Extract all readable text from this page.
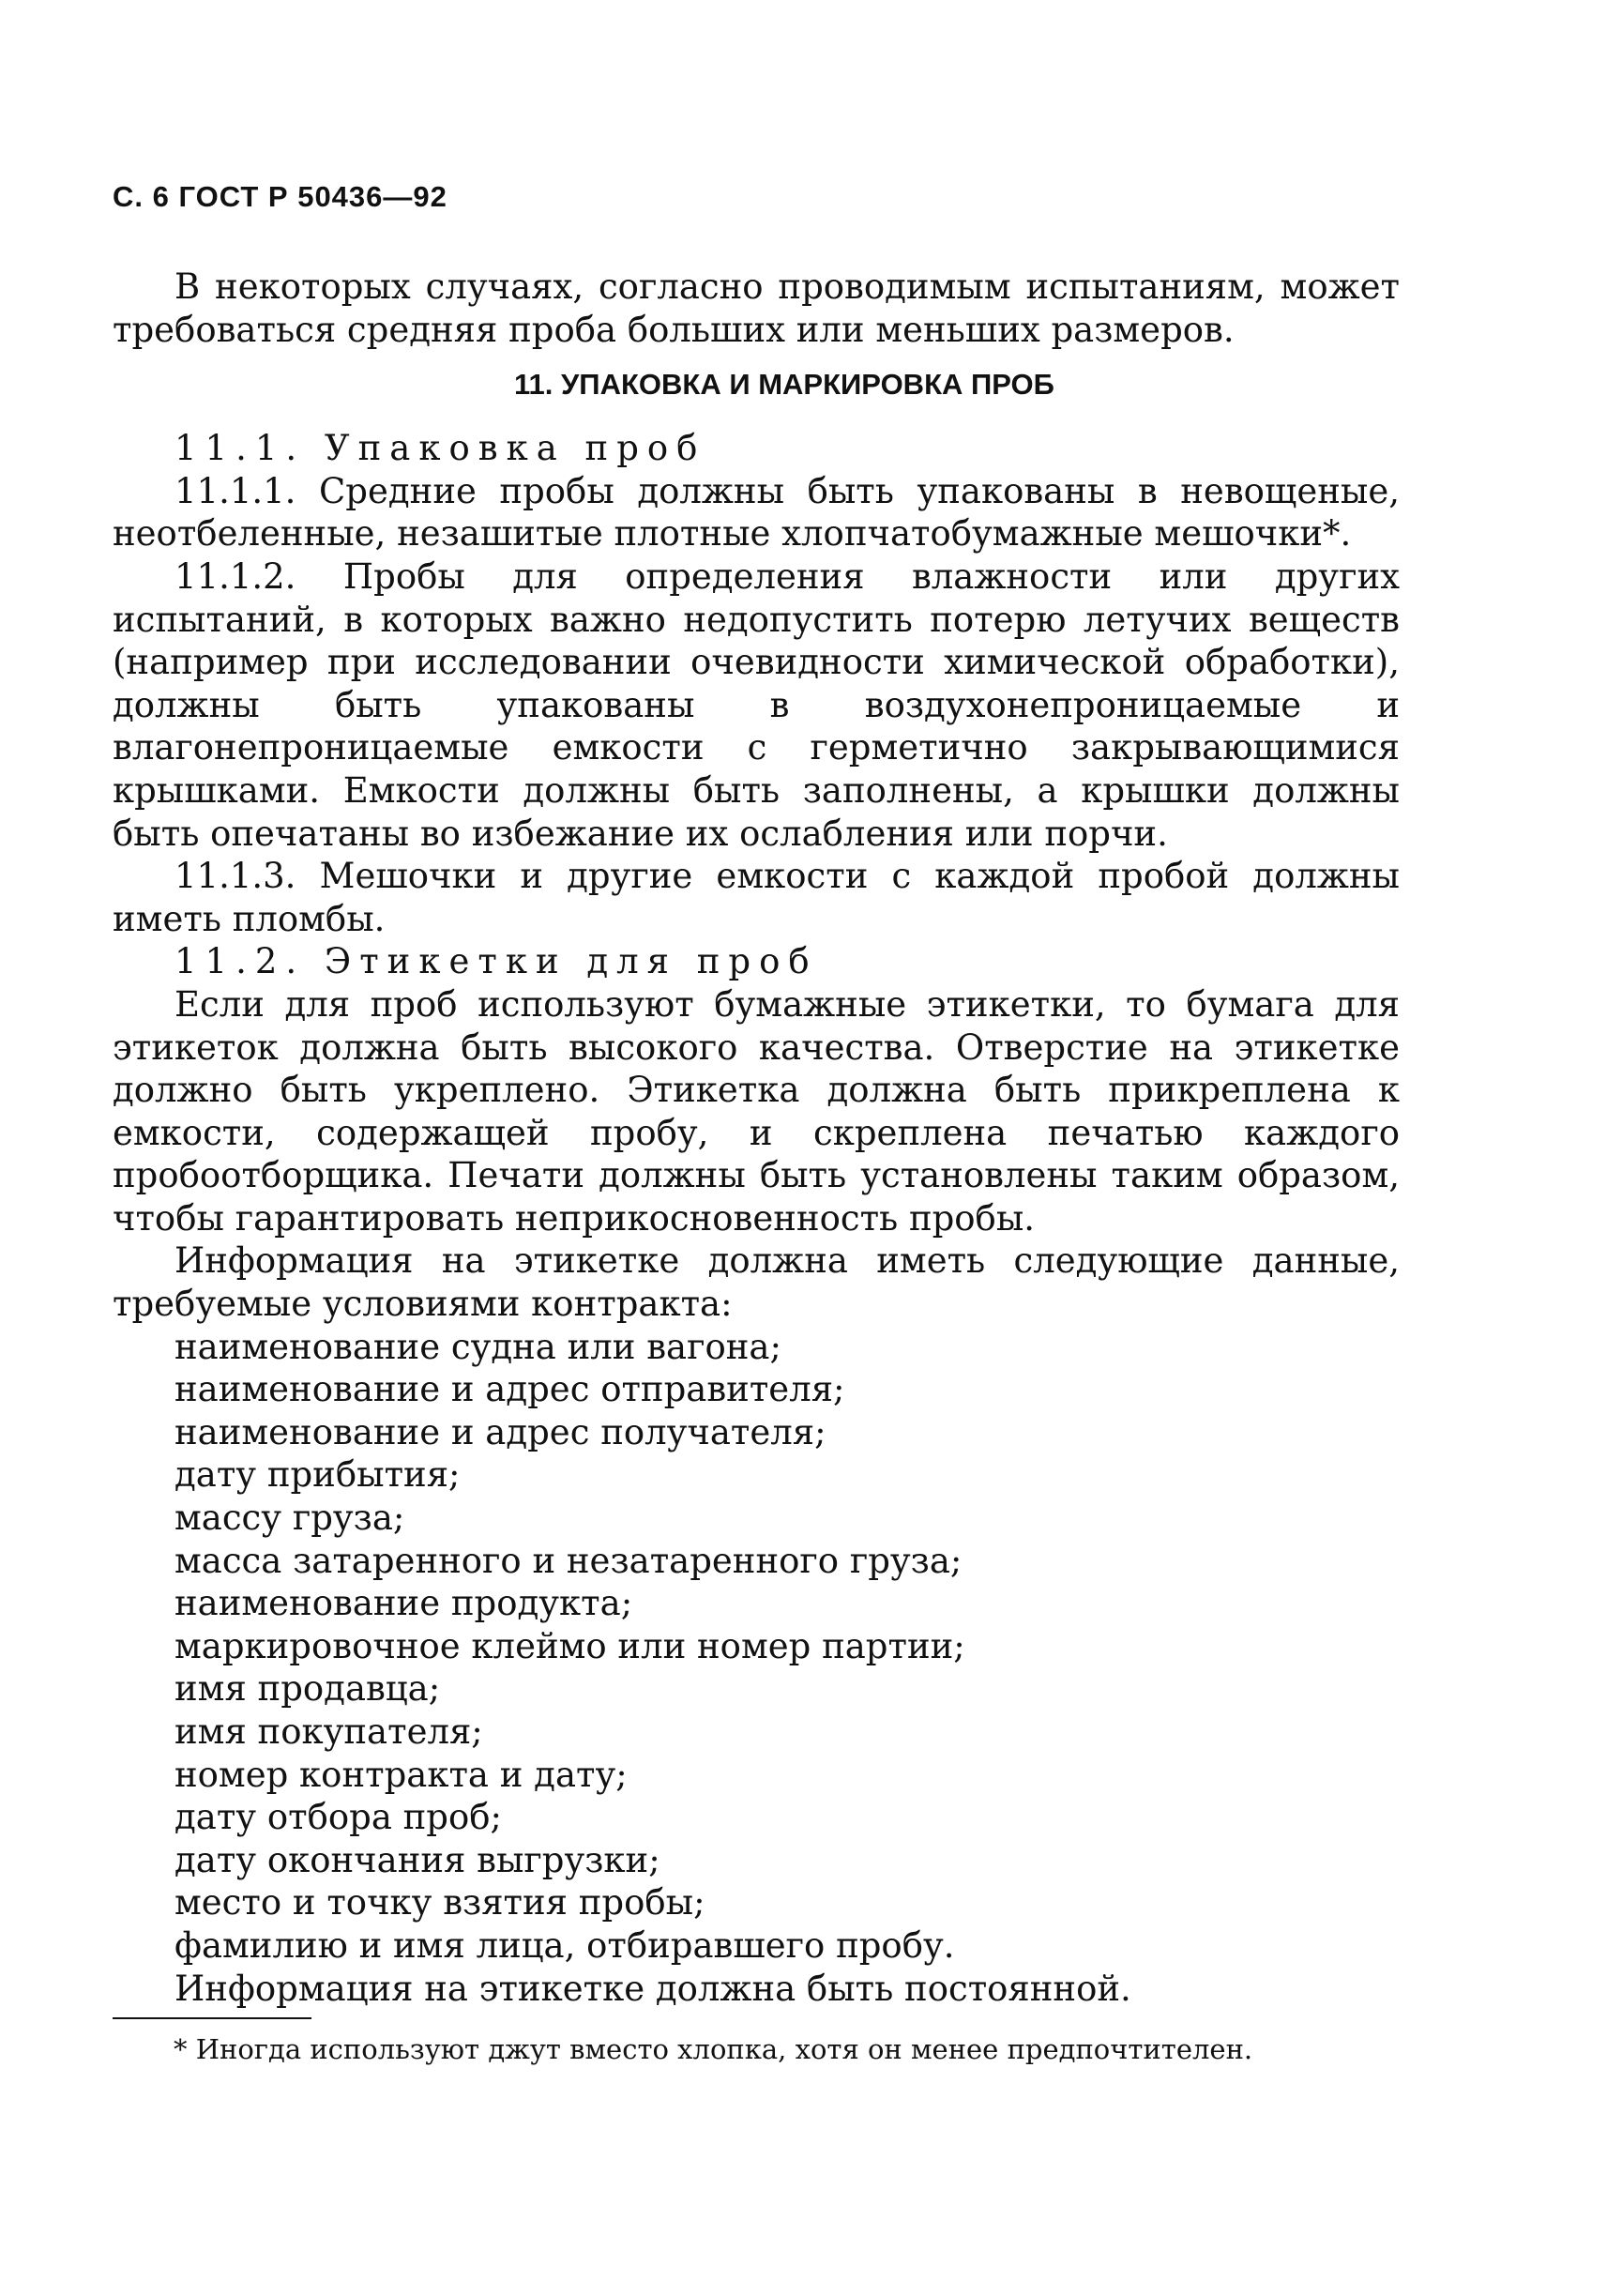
С. 6 ГОСТ Р 50436—92

В некоторых случаях, согласно проводимым испытаниям, может требоваться средняя проба больших или меньших размеров.

11. УПАКОВКА И МАРКИРОВКА ПРОБ

11.1. Упаковка проб

11.1.1. Средние пробы должны быть упакованы в невощеные, неотбеленные, незашитые плотные хлопчатобумажные мешочки*.

11.1.2. Пробы для определения влажности или других испытаний, в которых важно недопустить потерю летучих веществ (например при исследовании очевидности химической обработки), должны быть упакованы в воздухонепроницаемые и влагонепроницаемые емкости с герметично закрывающимися крышками. Емкости должны быть заполнены, а крышки должны быть опечатаны во избежание их ослабления или порчи.

11.1.3. Мешочки и другие емкости с каждой пробой должны иметь пломбы.

11.2. Этикетки для проб

Если для проб используют бумажные этикетки, то бумага для этикеток должна быть высокого качества. Отверстие на этикетке должно быть укреплено. Этикетка должна быть прикреплена к емкости, содержащей пробу, и скреплена печатью каждого пробоотборщика. Печати должны быть установлены таким образом, чтобы гарантировать неприкосновенность пробы.

Информация на этикетке должна иметь следующие данные, требуемые условиями контракта:

наименование судна или вагона;
наименование и адрес отправителя;
наименование и адрес получателя;
дату прибытия;
массу груза;
масса затаренного и незатаренного груза;
наименование продукта;
маркировочное клеймо или номер партии;
имя продавца;
имя покупателя;
номер контракта и дату;
дату отбора проб;
дату окончания выгрузки;
место и точку взятия пробы;
фамилию и имя лица, отбиравшего пробу.

Информация на этикетке должна быть постоянной.

* Иногда используют джут вместо хлопка, хотя он менее предпочтителен.
